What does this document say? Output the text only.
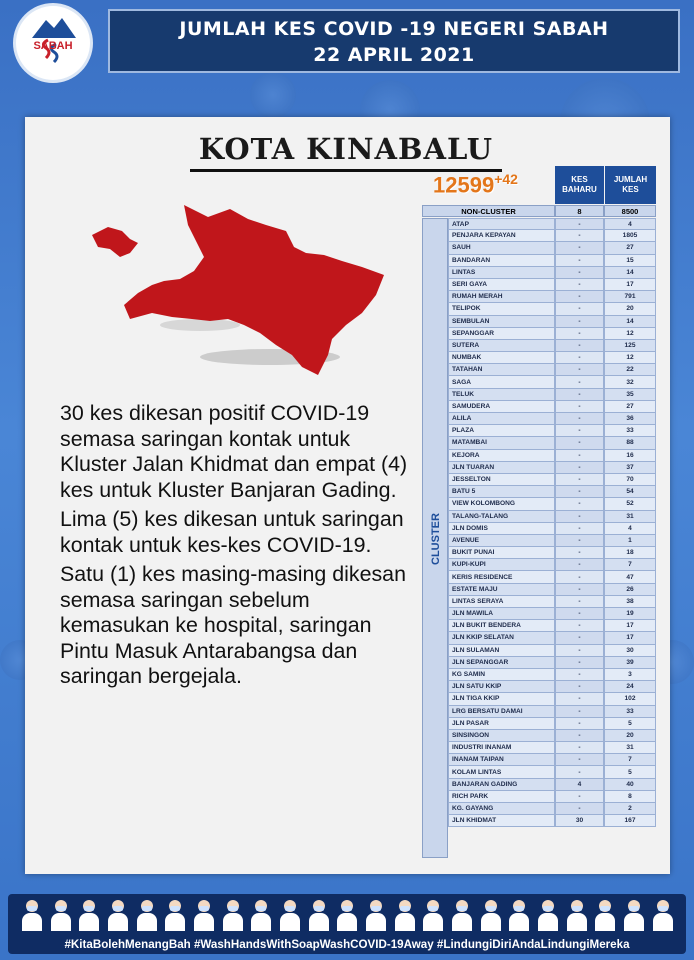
SABAH
JUMLAH KES COVID -19 NEGERI SABAH
22 APRIL 2021
KOTA KINABALU
$12599^{+42}$

30 kes dikesan positif COVID-19 semasa saringan kontak untuk Kluster Jalan Khidmat dan empat (4) kes untuk Kluster Banjaran Gading.

Lima (5) kes dikesan untuk saringan kontak untuk kes-kes COVID-19.

Satu (1) kes masing-masing dikesan semasa saringan sebelum kemasukan ke hospital, saringan Pintu Masuk Antarabangsa dan saringan bergejala.

KES BAHARU
JUMLAH KES
NON-CLUSTER	8	8500
CLUSTER
ATAP	-	4
PENJARA KEPAYAN	-	1805
SAUH	-	27
BANDARAN	-	15
LINTAS	-	14
SERI GAYA	-	17
RUMAH MERAH	-	791
TELIPOK	-	20
SEMBULAN	-	14
SEPANGGAR	-	12
SUTERA	-	125
NUMBAK	-	12
TATAHAN	-	22
SAGA	-	32
TELUK	-	35
SAMUDERA	-	27
ALILA	-	36
PLAZA	-	33
MATAMBAI	-	88
KEJORA	-	16
JLN TUARAN	-	37
JESSELTON	-	70
BATU 5	-	54
VIEW KOLOMBONG	-	52
TALANG-TALANG	-	31
JLN DOMIS	-	4
AVENUE	-	1
BUKIT PUNAI	-	18
KUPI-KUPI	-	7
KERIS RESIDENCE	-	47
ESTATE MAJU	-	26
LINTAS SERAYA	-	38
JLN MAWILA	-	19
JLN BUKIT BENDERA	-	17
JLN KKIP SELATAN	-	17
JLN SULAMAN	-	30
JLN SEPANGGAR	-	39
KG SAMIN	-	3
JLN SATU KKIP	-	24
JLN TIGA KKIP	-	102
LRG BERSATU DAMAI	-	33
JLN PASAR	-	5
SINSINGON	-	20
INDUSTRI INANAM	-	31
INANAM TAIPAN	-	7
KOLAM LINTAS	-	5
BANJARAN GADING	4	40
RICH PARK	-	8
KG. GAYANG	-	2
JLN KHIDMAT	30	167
#KitaBolehMenangBah #WashHandsWithSoapWashCOVID-19Away #LindungiDiriAndaLindungiMereka
